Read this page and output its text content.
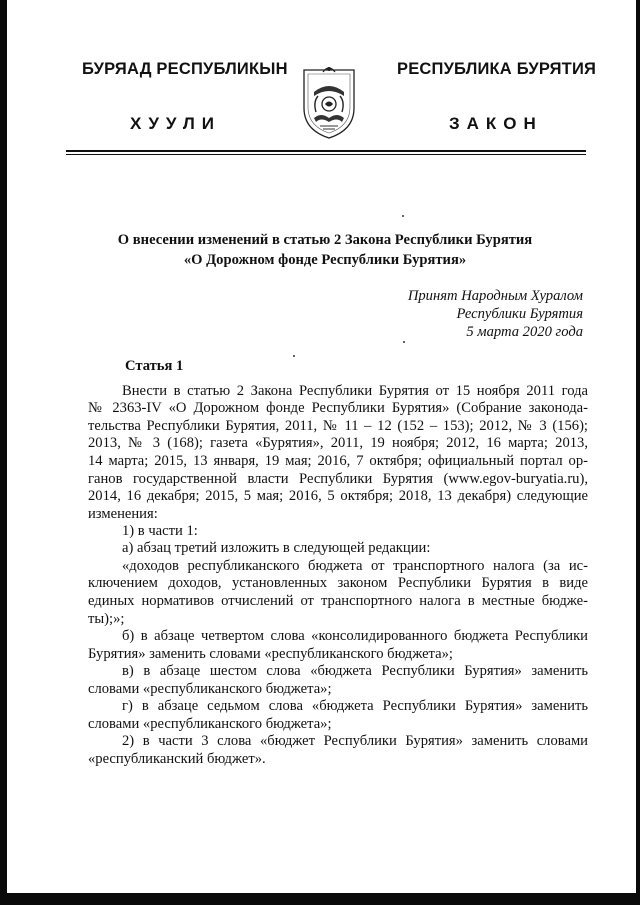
БУРЯАД РЕСПУБЛИКЫН
ХУУЛИ
РЕСПУБЛИКА БУРЯТИЯ
ЗАКОН
О внесении изменений в статью 2 Закона Республики Бурятия
«О Дорожном фонде Республики Бурятия»
Принят Народным Хуралом
Республики Бурятия
5 марта 2020 года
Статья 1
Внести в статью 2 Закона Республики Бурятия от 15 ноября 2011 года
№ 2363-IV «О Дорожном фонде Республики Бурятия» (Собрание законода-
тельства Республики Бурятия, 2011, № 11 – 12 (152 – 153); 2012, № 3 (156);
2013, № 3 (168); газета «Бурятия», 2011, 19 ноября; 2012, 16 марта; 2013,
14 марта; 2015, 13 января, 19 мая; 2016, 7 октября; официальный портал ор-
ганов государственной власти Республики Бурятия (www.egov-buryatia.ru),
2014, 16 декабря; 2015, 5 мая; 2016, 5 октября; 2018, 13 декабря) следующие
изменения:
1) в части 1:
а) абзац третий изложить в следующей редакции:
«доходов республиканского бюджета от транспортного налога (за ис-
ключением доходов, установленных законом Республики Бурятия в виде
единых нормативов отчислений от транспортного налога в местные бюдже-
ты);»;
б) в абзаце четвертом слова «консолидированного бюджета Республики
Бурятия» заменить словами «республиканского бюджета»;
в) в абзаце шестом слова «бюджета Республики Бурятия» заменить
словами «республиканского бюджета»;
г) в абзаце седьмом слова «бюджета Республики Бурятия» заменить
словами «республиканского бюджета»;
2) в части 3 слова «бюджет Республики Бурятия» заменить словами
«республиканский бюджет».
